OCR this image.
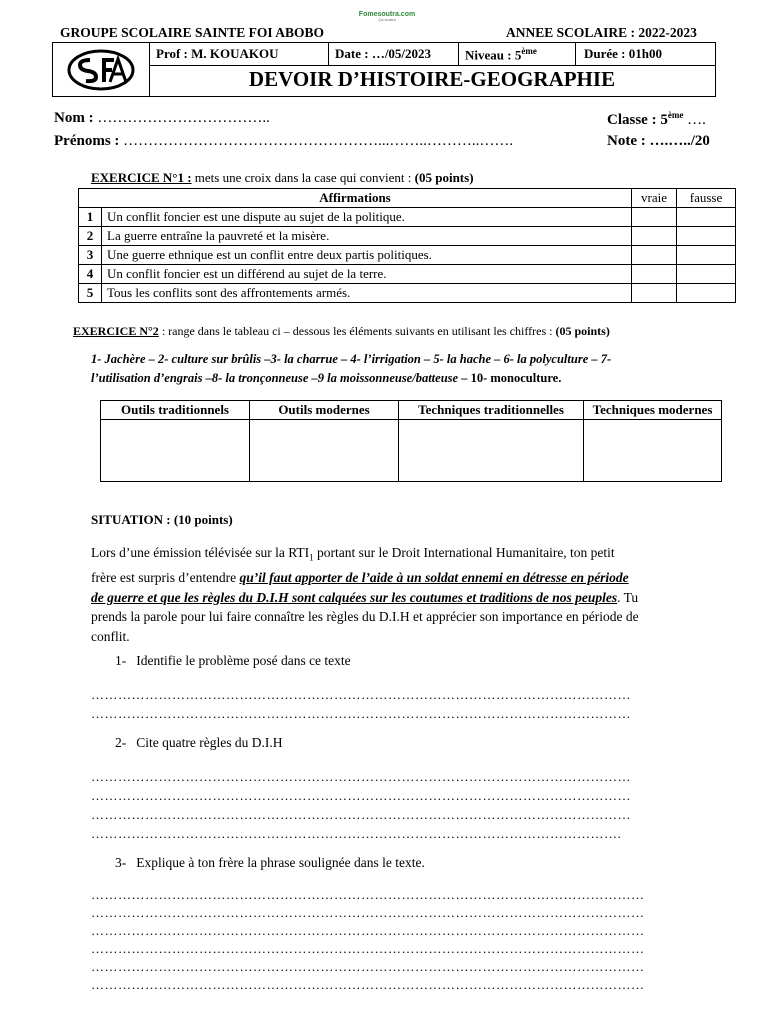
GROUPE SCOLAIRE SAINTE FOI ABOBO	ANNEE SCOLAIRE : 2022-2023
Fomesoutra.com
Ça soutra
Prof : M. KOUAKOU	Date : …/05/2023	Niveau : 5ème	Durée : 01h00
DEVOIR D’HISTOIRE-GEOGRAPHIE
Nom : ……………………………..	Classe : 5ème ….
Prénoms : ……………………………………………...……..………..…….	Note : ….…../20
EXERCICE N°1 : mets une croix dans la case qui convient : (05 points)
Affirmations		vraie	fausse
1	Un conflit foncier est une dispute au sujet de la politique.		
2	La guerre entraîne la pauvreté et la misère.		
3	Une guerre ethnique est un conflit entre deux partis politiques.		
4	Un conflit foncier est un différend au sujet de la terre.		
5	Tous les conflits sont des affrontements armés.		
EXERCICE N°2 : range dans le tableau ci – dessous les éléments suivants en utilisant les chiffres : (05 points)
1- Jachère – 2- culture sur brûlis –3- la charrue – 4- l’irrigation – 5- la hache – 6- la polyculture – 7-
l’utilisation d’engrais –8- la tronçonneuse –9 la moissonneuse/batteuse – 10- monoculture.
Outils traditionnels	Outils modernes	Techniques traditionnelles	Techniques modernes

SITUATION : (10 points)
Lors d’une émission télévisée sur la $RTI_1$ portant sur le Droit International Humanitaire, ton petit
frère est surpris d’entendre qu’il faut apporter de l’aide à un soldat ennemi en détresse en période
de guerre et que les règles du D.I.H sont calquées sur les coutumes et traditions de nos peuples. Tu
prends la parole pour lui faire connaître les règles du D.I.H et apprécier son importance en période de
conflit.
1- Identifie le problème posé dans ce texte
…………………………………………………………………………………………………………
…………………………………………………………………………………………………………
2- Cite quatre règles du D.I.H
…………………………………………………………………………………………………………
…………………………………………………………………………………………………………
…………………………………………………………………………………………………………
……………………………………………………………………………………………………….
3- Explique à ton frère la phrase soulignée dans le texte.
……………………………………………………………………………………………………………
……………………………………………………………………………………………………………
……………………………………………………………………………………………………………
……………………………………………………………………………………………………………
……………………………………………………………………………………………………………
……………………………………………………………………………………………………………
